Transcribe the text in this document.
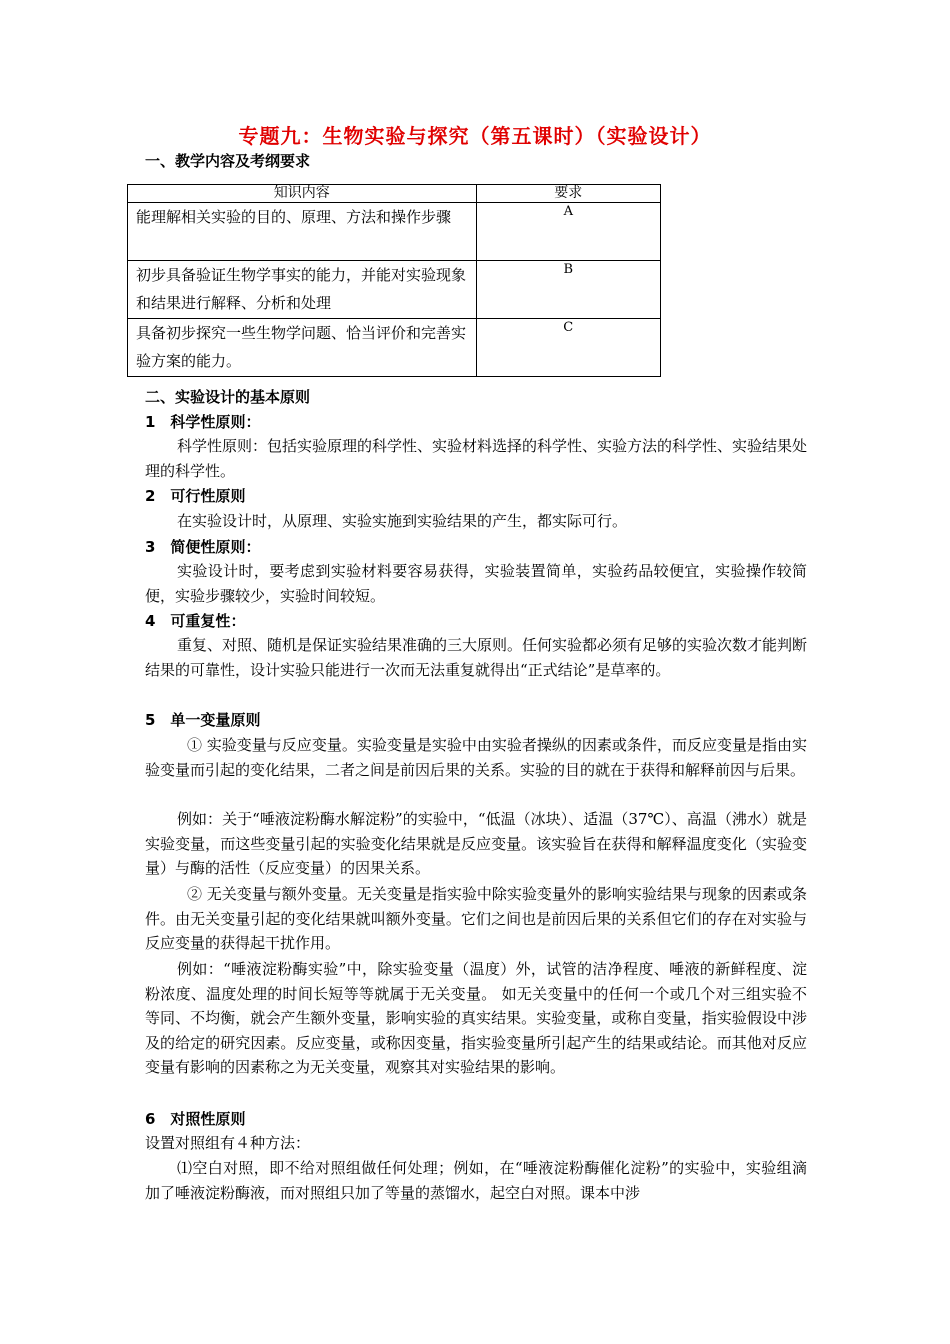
专题九：生物实验与探究（第五课时）（实验设计）
一、教学内容及考纲要求
知识内容	要求
能理解相关实验的目的、原理、方法和操作步骤	A
初步具备验证生物学事实的能力，并能对实验现象和结果进行解释、分析和处理	B
具备初步探究一些生物学问题、恰当评价和完善实验方案的能力。	C
二、实验设计的基本原则
1　科学性原则：
科学性原则：包括实验原理的科学性、实验材料选择的科学性、实验方法的科学性、实验结果处理的科学性。
2　可行性原则
在实验设计时，从原理、实验实施到实验结果的产生，都实际可行。
3　简便性原则：
实验设计时，要考虑到实验材料要容易获得，实验装置简单，实验药品较便宜，实验操作较简便，实验步骤较少，实验时间较短。
4　可重复性：
重复、对照、随机是保证实验结果准确的三大原则。任何实验都必须有足够的实验次数才能判断结果的可靠性，设计实验只能进行一次而无法重复就得出“正式结论”是草率的。
5　单一变量原则
① 实验变量与反应变量。实验变量是实验中由实验者操纵的因素或条件，而反应变量是指由实验变量而引起的变化结果，二者之间是前因后果的关系。实验的目的就在于获得和解释前因与后果。
例如：关于“唾液淀粉酶水解淀粉”的实验中，“低温（冰块）、适温（37℃）、高温（沸水）就是实验变量，而这些变量引起的实验变化结果就是反应变量。该实验旨在获得和解释温度变化（实验变量）与酶的活性（反应变量）的因果关系。
② 无关变量与额外变量。无关变量是指实验中除实验变量外的影响实验结果与现象的因素或条件。由无关变量引起的变化结果就叫额外变量。它们之间也是前因后果的关系但它们的存在对实验与反应变量的获得起干扰作用。
例如：“唾液淀粉酶实验”中，除实验变量（温度）外，试管的洁净程度、唾液的新鲜程度、淀粉浓度、温度处理的时间长短等等就属于无关变量。 如无关变量中的任何一个或几个对三组实验不等同、不均衡，就会产生额外变量，影响实验的真实结果。实验变量，或称自变量，指实验假设中涉及的给定的研究因素。反应变量，或称因变量，指实验变量所引起产生的结果或结论。而其他对反应变量有影响的因素称之为无关变量，观察其对实验结果的影响。
6　对照性原则
设置对照组有４种方法：
⑴空白对照，即不给对照组做任何处理；例如，在“唾液淀粉酶催化淀粉”的实验中，实验组滴加了唾液淀粉酶液，而对照组只加了等量的蒸馏水，起空白对照。课本中涉
